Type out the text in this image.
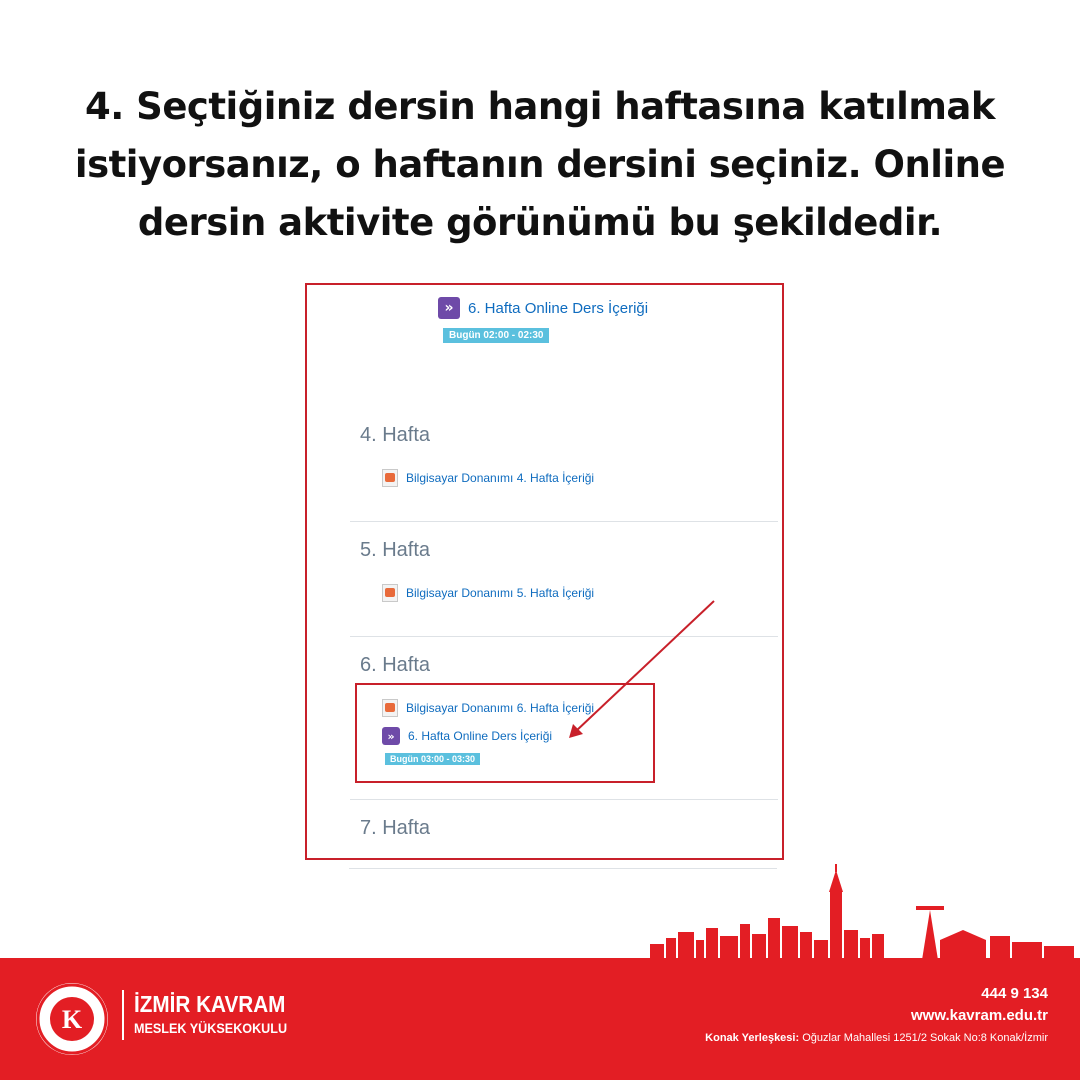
4. Seçtiğiniz dersin hangi haftasına katılmak
istiyorsanız, o haftanın dersini seçiniz. Online
dersin aktivite görünümü bu şekildedir.
» 6. Hafta Online Ders İçeriği
Bugün 02:00 - 02:30
4. Hafta
Bilgisayar Donanımı 4. Hafta İçeriği
5. Hafta
Bilgisayar Donanımı 5. Hafta İçeriği
6. Hafta
Bilgisayar Donanımı 6. Hafta İçeriği
»	6. Hafta Online Ders İçeriği
Bugün 03:00 - 03:30
7. Hafta
K
İZMİR KAVRAM
MESLEK YÜKSEKOKULU
444 9 134
www.kavram.edu.tr
Konak Yerleşkesi: Oğuzlar Mahallesi 1251/2 Sokak No:8 Konak/İzmir
